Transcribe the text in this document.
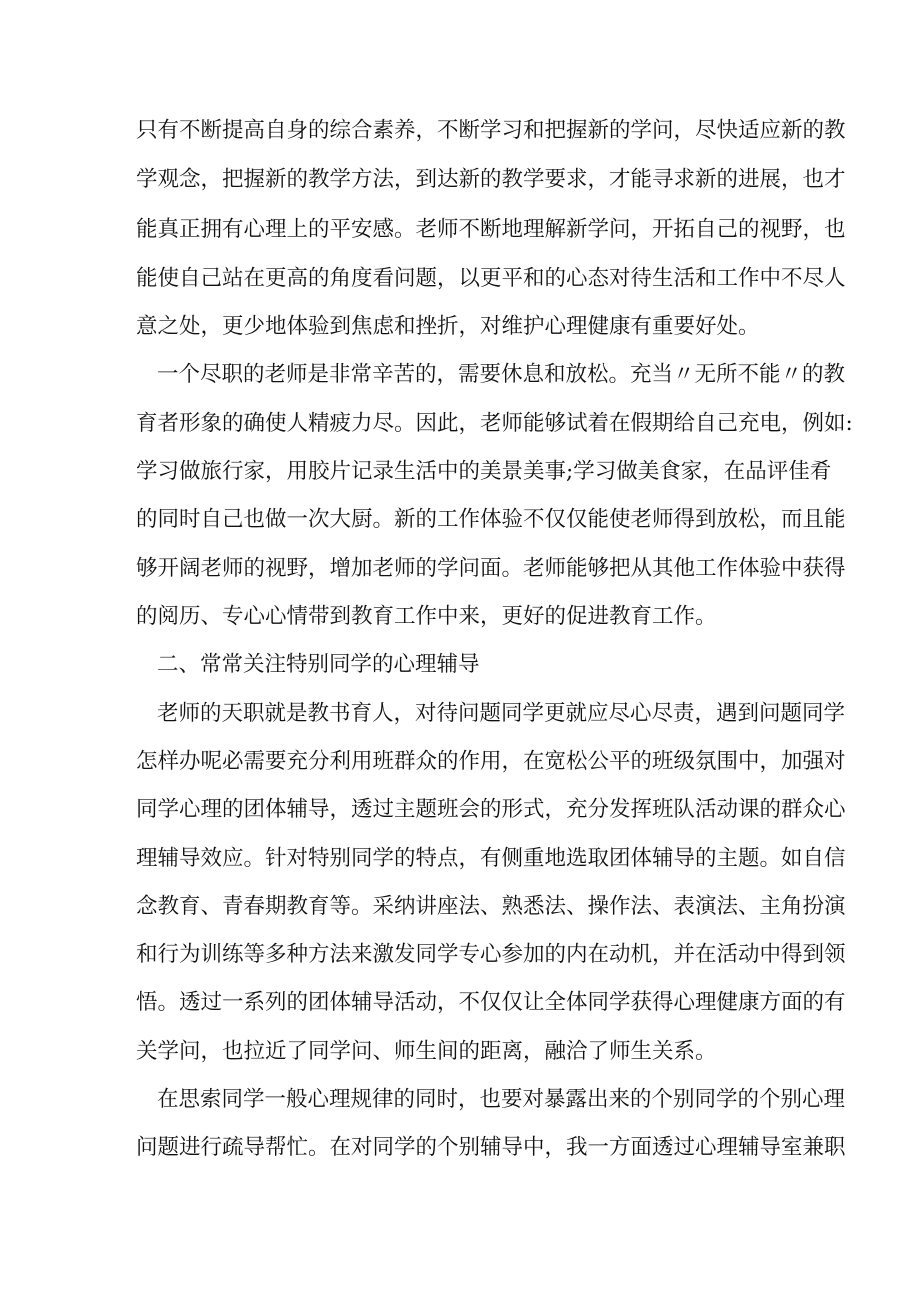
只有不断提高自身的综合素养，不断学习和把握新的学问，尽快适应新的教
学观念，把握新的教学方法，到达新的教学要求，才能寻求新的进展，也才
能真正拥有心理上的平安感。老师不断地理解新学问，开拓自己的视野，也
能使自己站在更高的角度看问题，以更平和的心态对待生活和工作中不尽人
意之处，更少地体验到焦虑和挫折，对维护心理健康有重要好处。
一个尽职的老师是非常辛苦的，需要休息和放松。充当〃无所不能〃的教
育者形象的确使人精疲力尽。因此，老师能够试着在假期给自己充电，例如:
学习做旅行家，用胶片记录生活中的美景美事;学习做美食家，在品评佳肴
的同时自己也做一次大厨。新的工作体验不仅仅能使老师得到放松，而且能
够开阔老师的视野，增加老师的学问面。老师能够把从其他工作体验中获得
的阅历、专心心情带到教育工作中来，更好的促进教育工作。
二、常常关注特别同学的心理辅导
老师的天职就是教书育人，对待问题同学更就应尽心尽责，遇到问题同学
怎样办呢必需要充分利用班群众的作用，在宽松公平的班级氛围中，加强对
同学心理的团体辅导，透过主题班会的形式，充分发挥班队活动课的群众心
理辅导效应。针对特别同学的特点，有侧重地选取团体辅导的主题。如自信
念教育、青春期教育等。采纳讲座法、熟悉法、操作法、表演法、主角扮演
和行为训练等多种方法来激发同学专心参加的内在动机，并在活动中得到领
悟。透过一系列的团体辅导活动，不仅仅让全体同学获得心理健康方面的有
关学问，也拉近了同学问、师生间的距离，融洽了师生关系。
在思索同学一般心理规律的同时，也要对暴露出来的个别同学的个别心理
问题进行疏导帮忙。在对同学的个别辅导中，我一方面透过心理辅导室兼职
